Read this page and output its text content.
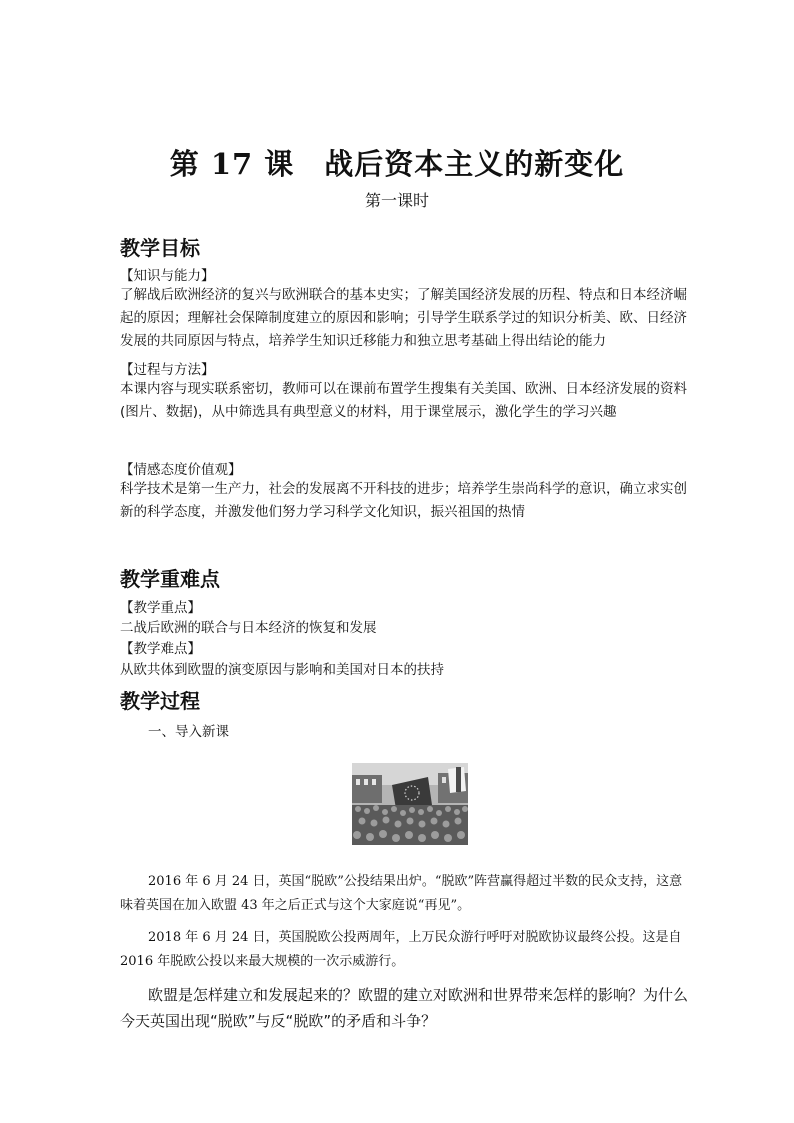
第 17 课　战后资本主义的新变化
第一课时
教学目标
【知识与能力】
了解战后欧洲经济的复兴与欧洲联合的基本史实；了解美国经济发展的历程、特点和日本经济崛起的原因；理解社会保障制度建立的原因和影响；引导学生联系学过的知识分析美、欧、日经济发展的共同原因与特点，培养学生知识迁移能力和独立思考基础上得出结论的能力
【过程与方法】
本课内容与现实联系密切，教师可以在课前布置学生搜集有关美国、欧洲、日本经济发展的资料(图片、数据)，从中筛选具有典型意义的材料，用于课堂展示，激化学生的学习兴趣
【情感态度价值观】
科学技术是第一生产力，社会的发展离不开科技的进步；培养学生崇尚科学的意识，确立求实创新的科学态度，并激发他们努力学习科学文化知识，振兴祖国的热情
教学重难点
【教学重点】
二战后欧洲的联合与日本经济的恢复和发展
【教学难点】
从欧共体到欧盟的演变原因与影响和美国对日本的扶持
教学过程
一、导入新课
2016 年 6 月 24 日，英国“脱欧”公投结果出炉。“脱欧”阵营赢得超过半数的民众支持，这意味着英国在加入欧盟 43 年之后正式与这个大家庭说“再见”。
2018 年 6 月 24 日，英国脱欧公投两周年，上万民众游行呼吁对脱欧协议最终公投。这是自 2016 年脱欧公投以来最大规模的一次示威游行。
欧盟是怎样建立和发展起来的？欧盟的建立对欧洲和世界带来怎样的影响？为什么今天英国出现“脱欧”与反“脱欧”的矛盾和斗争？
